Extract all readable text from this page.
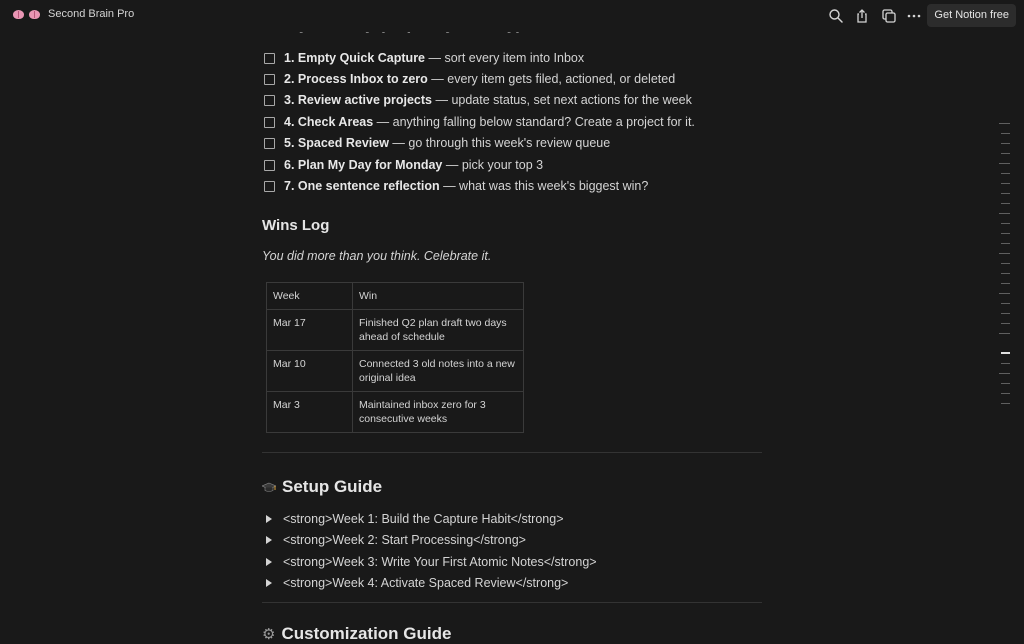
Second Brain Pro	Get Notion free
1. Empty Quick Capture — sort every item into Inbox
2. Process Inbox to zero — every item gets filed, actioned, or deleted
3. Review active projects — update status, set next actions for the week
4. Check Areas — anything falling below standard? Create a project for it.
5. Spaced Review — go through this week's review queue
6. Plan My Day for Monday — pick your top 3
7. One sentence reflection — what was this week's biggest win?
Wins Log
You did more than you think. Celebrate it.
Week	Win
Mar 17	Finished Q2 plan draft two days ahead of schedule
Mar 10	Connected 3 old notes into a new original idea
Mar 3	Maintained inbox zero for 3 consecutive weeks
Setup Guide
<strong>Week 1: Build the Capture Habit</strong>
<strong>Week 2: Start Processing</strong>
<strong>Week 3: Write Your First Atomic Notes</strong>
<strong>Week 4: Activate Spaced Review</strong>
⚙ Customization Guide
